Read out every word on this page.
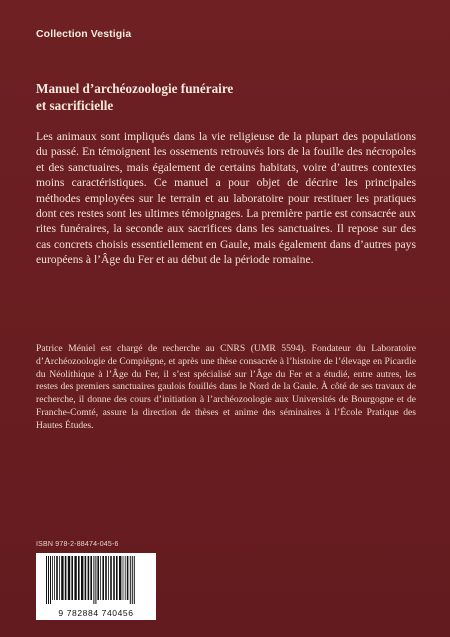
Collection Vestigia
Manuel d’archéozoologie funéraire
et sacrificielle
Les animaux sont impliqués dans la vie religieuse de la plupart des populations du passé. En témoignent les ossements retrouvés lors de la fouille des nécropoles et des sanctuaires, mais également de certains habitats, voire d’autres contextes moins caractéristiques. Ce manuel a pour objet de décrire les principales méthodes employées sur le terrain et au laboratoire pour restituer les pratiques dont ces restes sont les ultimes témoignages. La première partie est consacrée aux rites funéraires, la seconde aux sacrifices dans les sanctuaires. Il repose sur des cas concrets choisis essentiellement en Gaule, mais également dans d’autres pays européens à l’Âge du Fer et au début de la période romaine.
Patrice Méniel est chargé de recherche au CNRS (UMR 5594). Fondateur du Laboratoire d’Archéozoologie de Compiègne, et après une thèse consacrée à l’histoire de l’élevage en Picardie du Néolithique à l’Âge du Fer, il s’est spécialisé sur l’Âge du Fer et a étudié, entre autres, les restes des premiers sanctuaires gaulois fouillés dans le Nord de la Gaule. À côté de ses travaux de recherche, il donne des cours d’initiation à l’archéozoologie aux Universités de Bourgogne et de Franche-Comté, assure la direction de thèses et anime des séminaires à l’École Pratique des Hautes Études.
ISBN 978-2-88474-045-6
9 782884 740456
